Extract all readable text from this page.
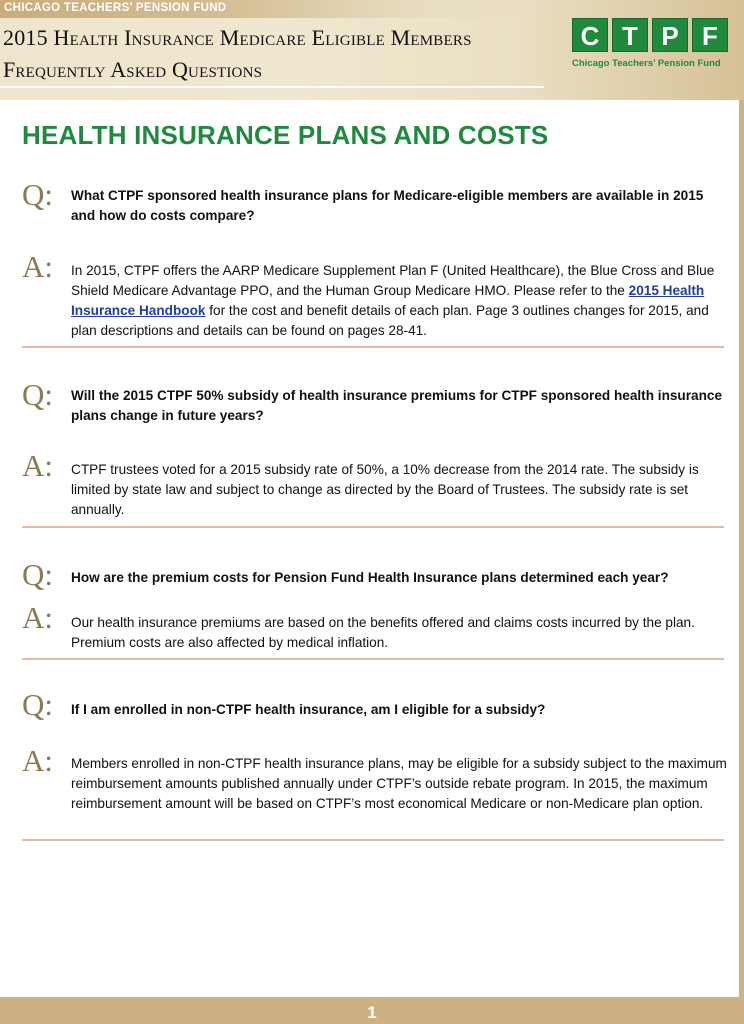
CHICAGO TEACHERS’ PENSION FUND
2015 Health Insurance Medicare Eligible Members
Frequently Asked Questions
C T P F
Chicago Teachers’ Pension Fund
HEALTH INSURANCE PLANS AND COSTS
Q: What CTPF sponsored health insurance plans for Medicare-eligible members are available in 2015 and how do costs compare?
A: In 2015, CTPF offers the AARP Medicare Supplement Plan F (United Healthcare), the Blue Cross and Blue Shield Medicare Advantage PPO, and the Human Group Medicare HMO. Please refer to the 2015 Health Insurance Handbook for the cost and benefit details of each plan. Page 3 outlines changes for 2015, and plan descriptions and details can be found on pages 28-41.
Q: Will the 2015 CTPF 50% subsidy of health insurance premiums for CTPF sponsored health insurance plans change in future years?
A: CTPF trustees voted for a 2015 subsidy rate of 50%, a 10% decrease from the 2014 rate. The subsidy is limited by state law and subject to change as directed by the Board of Trustees. The subsidy rate is set annually.
Q: How are the premium costs for Pension Fund Health Insurance plans determined each year?
A: Our health insurance premiums are based on the benefits offered and claims costs incurred by the plan. Premium costs are also affected by medical inflation.
Q: If I am enrolled in non-CTPF health insurance, am I eligible for a subsidy?
A: Members enrolled in non-CTPF health insurance plans, may be eligible for a subsidy subject to the maximum reimbursement amounts published annually under CTPF’s outside rebate program. In 2015, the maximum reimbursement amount will be based on CTPF’s most economical Medicare or non-Medicare plan option.
1
